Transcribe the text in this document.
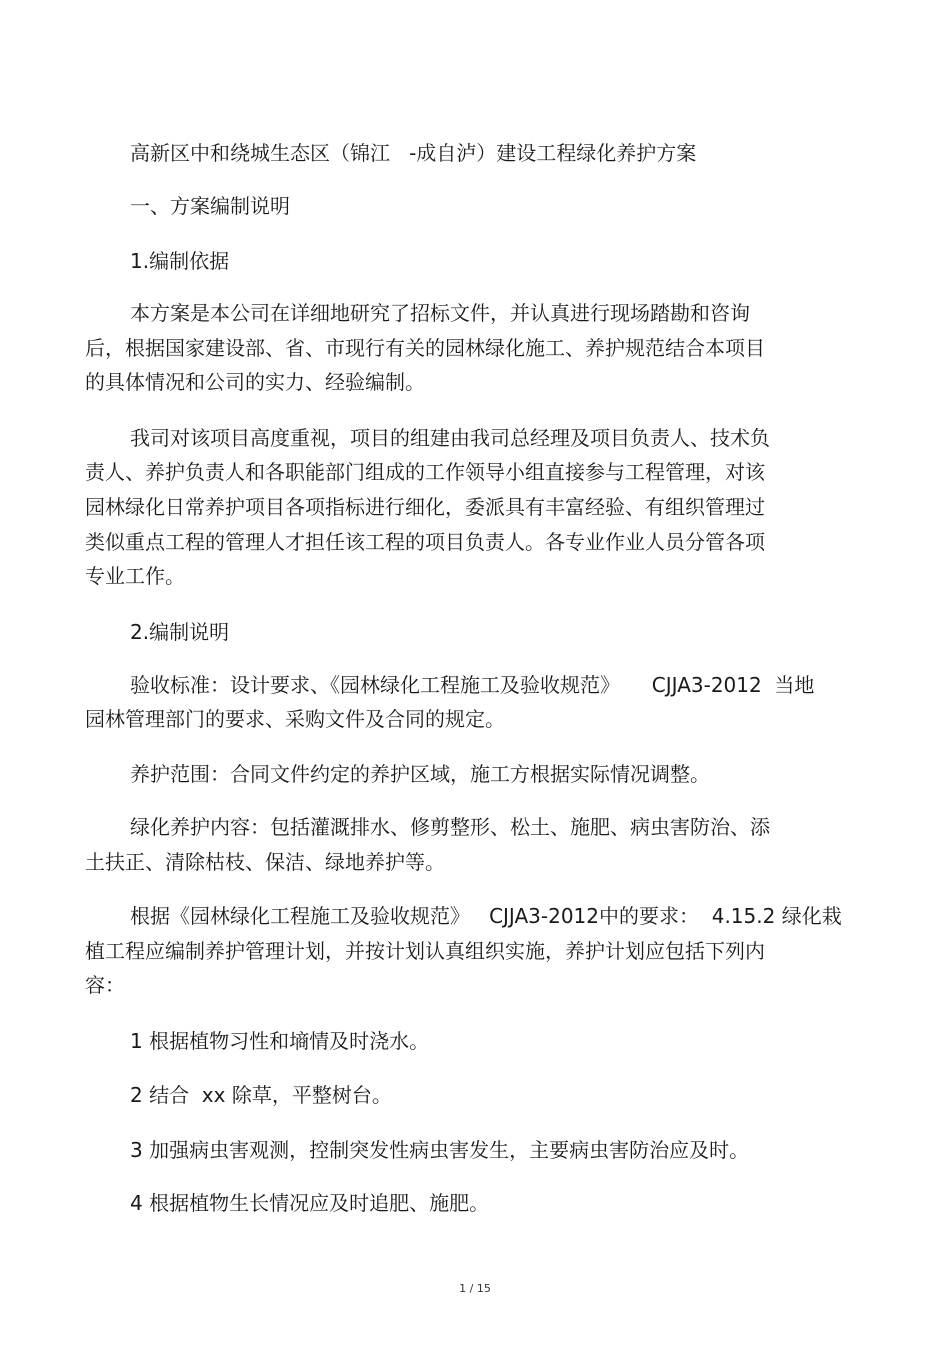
高新区中和绕城生态区（锦江   -成自泸）建设工程绿化养护方案
一、方案编制说明
1.编制依据
本方案是本公司在详细地研究了招标文件，并认真进行现场踏勘和咨询
后，根据国家建设部、省、市现行有关的园林绿化施工、养护规范结合本项目
的具体情况和公司的实力、经验编制。
我司对该项目高度重视，项目的组建由我司总经理及项目负责人、技术负
责人、养护负责人和各职能部门组成的工作领导小组直接参与工程管理，对该
园林绿化日常养护项目各项指标进行细化，委派具有丰富经验、有组织管理过
类似重点工程的管理人才担任该工程的项目负责人。各专业作业人员分管各项
专业工作。
2.编制说明
验收标准：设计要求、《园林绿化工程施工及验收规范》     CJJA3-2012  当地
园林管理部门的要求、采购文件及合同的规定。
养护范围：合同文件约定的养护区域，施工方根据实际情况调整。
绿化养护内容：包括灌溉排水、修剪整形、松土、施肥、病虫害防治、添
土扶正、清除枯枝、保洁、绿地养护等。
根据《园林绿化工程施工及验收规范》   CJJA3-2012中的要求：  4.15.2 绿化栽
植工程应编制养护管理计划，并按计划认真组织实施，养护计划应包括下列内
容：
1 根据植物习性和墒情及时浇水。
2 结合  xx 除草，平整树台。
3 加强病虫害观测，控制突发性病虫害发生，主要病虫害防治应及时。
4 根据植物生长情况应及时追肥、施肥。
1 / 15
